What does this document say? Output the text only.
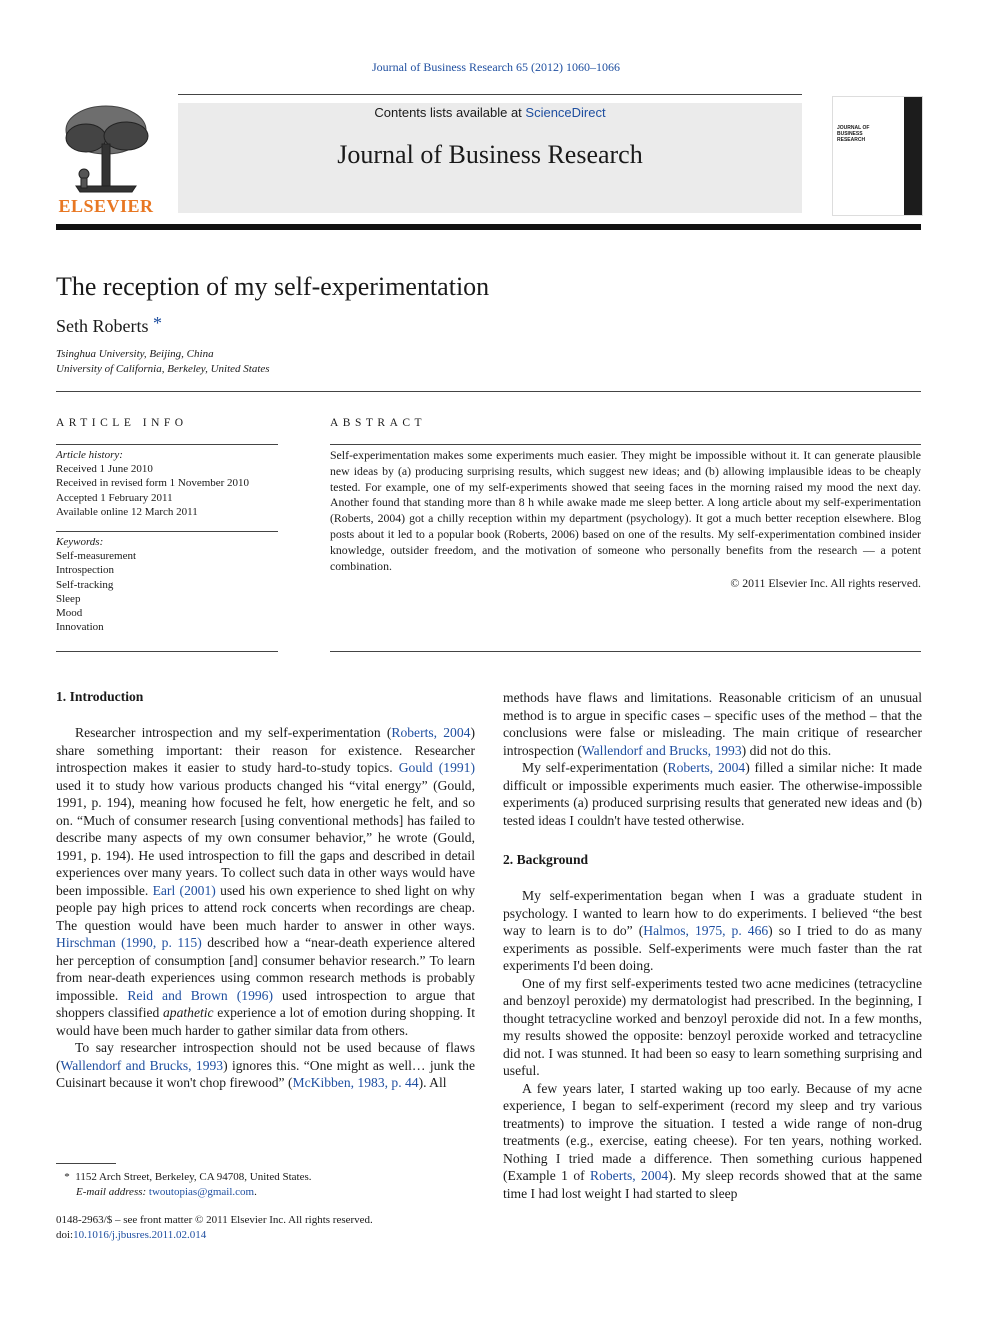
Journal of Business Research 65 (2012) 1060–1066
ELSEVIER
Contents lists available at ScienceDirect
Journal of Business Research
JOURNAL OF
BUSINESS
RESEARCH
The reception of my self-experimentation
Seth Roberts *
Tsinghua University, Beijing, China
University of California, Berkeley, United States
ARTICLE INFO
Article history:
Received 1 June 2010
Received in revised form 1 November 2010
Accepted 1 February 2011
Available online 12 March 2011
Keywords:
Self-measurement
Introspection
Self-tracking
Sleep
Mood
Innovation
ABSTRACT
Self-experimentation makes some experiments much easier. They might be impossible without it. It can generate plausible new ideas by (a) producing surprising results, which suggest new ideas; and (b) allowing implausible ideas to be cheaply tested. For example, one of my self-experiments showed that seeing faces in the morning raised my mood the next day. Another found that standing more than 8 h while awake made me sleep better. A long article about my self-experimentation (Roberts, 2004) got a chilly reception within my department (psychology). It got a much better reception elsewhere. Blog posts about it led to a popular book (Roberts, 2006) based on one of the results. My self-experimentation combined insider knowledge, outsider freedom, and the motivation of someone who personally benefits from the research — a potent combination.
© 2011 Elsevier Inc. All rights reserved.
1. Introduction

Researcher introspection and my self-experimentation (Roberts, 2004) share something important: their reason for existence. Researcher introspection makes it easier to study hard-to-study topics. Gould (1991) used it to study how various products changed his “vital energy” (Gould, 1991, p. 194), meaning how focused he felt, how energetic he felt, and so on. “Much of consumer research [using conventional methods] has failed to describe many aspects of my own consumer behavior,” he wrote (Gould, 1991, p. 194). He used introspection to fill the gaps and described in detail experiences over many years. To collect such data in other ways would have been impossible. Earl (2001) used his own experience to shed light on why people pay high prices to attend rock concerts when recordings are cheap. The question would have been much harder to answer in other ways. Hirschman (1990, p. 115) described how a “near-death experience altered her perception of consumption [and] consumer behavior research.” To learn from near-death experiences using common research methods is probably impossible. Reid and Brown (1996) used introspection to argue that shoppers classified apathetic experience a lot of emotion during shopping. It would have been much harder to gather similar data from others.

To say researcher introspection should not be used because of flaws (Wallendorf and Brucks, 1993) ignores this. “One might as well… junk the Cuisinart because it won't chop firewood” (McKibben, 1983, p. 44). All

methods have flaws and limitations. Reasonable criticism of an unusual method is to argue in specific cases – specific uses of the method – that the conclusions were false or misleading. The main critique of researcher introspection (Wallendorf and Brucks, 1993) did not do this.

My self-experimentation (Roberts, 2004) filled a similar niche: It made difficult or impossible experiments much easier. The otherwise-impossible experiments (a) produced surprising results that generated new ideas and (b) tested ideas I couldn't have tested otherwise.

2. Background

My self-experimentation began when I was a graduate student in psychology. I wanted to learn how to do experiments. I believed “the best way to learn is to do” (Halmos, 1975, p. 466) so I tried to do as many experiments as possible. Self-experiments were much faster than the rat experiments I'd been doing.

One of my first self-experiments tested two acne medicines (tetracycline and benzoyl peroxide) my dermatologist had prescribed. In the beginning, I thought tetracycline worked and benzoyl peroxide did not. In a few months, my results showed the opposite: benzoyl peroxide worked and tetracycline did not. I was stunned. It had been so easy to learn something surprising and useful.

A few years later, I started waking up too early. Because of my acne experience, I began to self-experiment (record my sleep and try various treatments) to improve the situation. I tested a wide range of non-drug treatments (e.g., exercise, eating cheese). For ten years, nothing worked. Nothing I tried made a difference. Then something curious happened (Example 1 of Roberts, 2004). My sleep records showed that at the same time I had lost weight I had started to sleep

* 1152 Arch Street, Berkeley, CA 94708, United States.
E-mail address: twoutopias@gmail.com.
0148-2963/$ – see front matter © 2011 Elsevier Inc. All rights reserved.
doi:10.1016/j.jbusres.2011.02.014
